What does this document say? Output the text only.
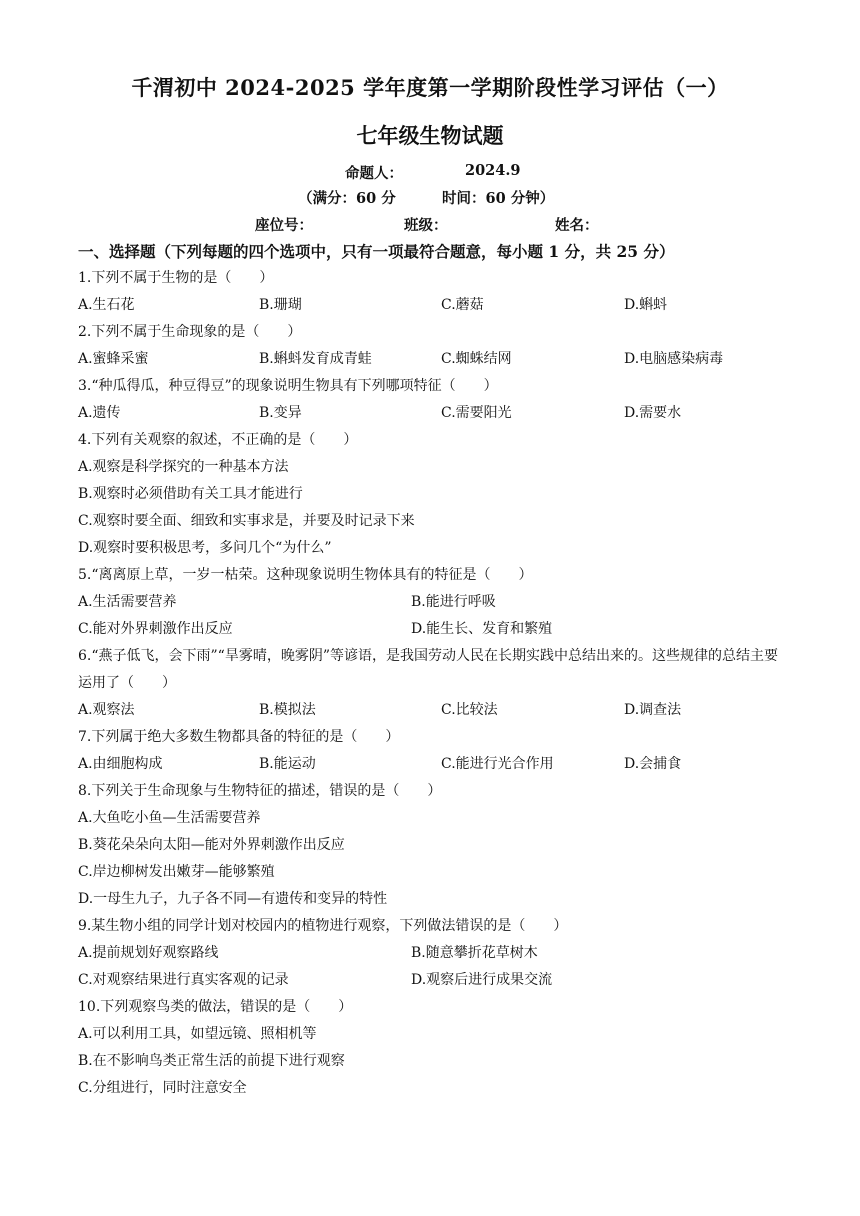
千渭初中 2024-2025 学年度第一学期阶段性学习评估（一）
七年级生物试题
命题人：	2024.9
（满分：60 分	时间：60 分钟）
座位号：	班级：	姓名：
一、选择题（下列每题的四个选项中，只有一项最符合题意，每小题 1 分，共 25 分）
1.下列不属于生物的是（　　）
A.生石花	B.珊瑚	C.蘑菇	D.蝌蚪
2.下列不属于生命现象的是（　　）
A.蜜蜂采蜜	B.蝌蚪发育成青蛙	C.蜘蛛结网	D.电脑感染病毒
3.“种瓜得瓜，种豆得豆”的现象说明生物具有下列哪项特征（　　）
A.遗传	B.变异	C.需要阳光	D.需要水
4.下列有关观察的叙述，不正确的是（　　）
A.观察是科学探究的一种基本方法
B.观察时必须借助有关工具才能进行
C.观察时要全面、细致和实事求是，并要及时记录下来
D.观察时要积极思考，多问几个“为什么”
5.“离离原上草，一岁一枯荣。这种现象说明生物体具有的特征是（　　）
A.生活需要营养	B.能进行呼吸
C.能对外界刺激作出反应	D.能生长、发育和繁殖
6.“燕子低飞，会下雨”“旱雾晴，晚雾阴”等谚语，是我国劳动人民在长期实践中总结出来的。这些规律的总结主要运用了（　　）
A.观察法	B.模拟法	C.比较法	D.调查法
7.下列属于绝大多数生物都具备的特征的是（　　）
A.由细胞构成	B.能运动	C.能进行光合作用	D.会捕食
8.下列关于生命现象与生物特征的描述，错误的是（　　）
A.大鱼吃小鱼—生活需要营养
B.葵花朵朵向太阳—能对外界刺激作出反应
C.岸边柳树发出嫩芽—能够繁殖
D.一母生九子，九子各不同—有遗传和变异的特性
9.某生物小组的同学计划对校园内的植物进行观察，下列做法错误的是（　　）
A.提前规划好观察路线	B.随意攀折花草树木
C.对观察结果进行真实客观的记录	D.观察后进行成果交流
10.下列观察鸟类的做法，错误的是（　　）
A.可以利用工具，如望远镜、照相机等
B.在不影响鸟类正常生活的前提下进行观察
C.分组进行，同时注意安全
